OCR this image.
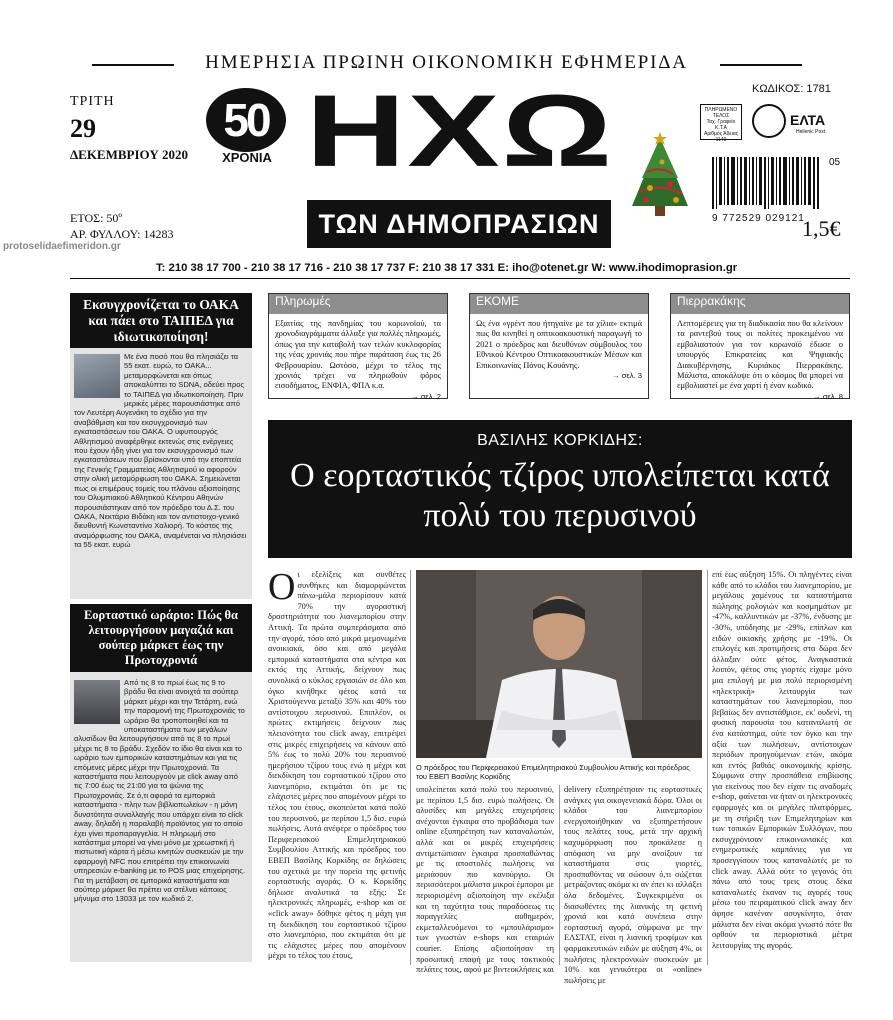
ΗΜΕΡΗΣΙΑ ΠΡΩΙΝΗ ΟΙΚΟΝΟΜΙΚΗ ΕΦΗΜΕΡΙΔΑ
ΤΡΙΤΗ
29
ΔΕΚΕΜΒΡΙΟΥ 2020
ΕΤΟΣ: 50º
ΑΡ. ΦΥΛΛΟΥ: 14283
protoselidaefimeridon.gr
50
ΧΡΟΝΙΑ ΗΧΩ
ΤΩΝ ΔΗΜΟΠΡΑΣΙΩΝ
ΚΩΔΙΚΟΣ: 1781
ΠΛΗΡΩΜΕΝΟ
ΤΕΛΟΣ
Ταχ. Γραφείο
Κ.Τ.Α
Αριθμός Άδειας
1140
ΕΛΤΑ
Hellenic Post
05
9 772529 029121
1,5€
T: 210 38 17 700 - 210 38 17 716 - 210 38 17 737 F: 210 38 17 331 E: iho@otenet.gr W: www.ihodimoprasion.gr
Εκσυγχρονίζεται το ΟΑΚΑ και πάει στο ΤΑΙΠΕΔ για ιδιωτικοποίηση!

Με ένα ποσό που θα πλησιάζει τα 55 εκατ. ευρώ, το ΟΑΚΑ... μεταμορφώνεται και όπως αποκαλύπτει το SDNA, οδεύει προς το ΤΑΙΠΕΔ για ιδιωτικοποίηση. Πριν μερικές μέρες παρουσιάστηκε από τον Λευτέρη Αυγενάκη το σχέδιο για την αναβάθμιση και τον εκσυγχρονισμό των εγκαταστάσεων του ΟΑΚΑ. Ο υφυπουργός Αθλητισμού αναφέρθηκε εκτενώς στις ενέργειες που έχουν ήδη γίνει για τον εκσυγχρονισμό των εγκαταστάσεων που βρίσκονται υπό την εποπτεία της Γενικής Γραμματείας Αθλητισμού κι αφορούν στην ολική μεταμόρφωση του ΟΑΚΑ. Σημειώνεται πως οι επιμέρους τομείς του πλάνου αξιοποίησης του Ολυμπιακού Αθλητικού Κέντρου Αθηνών παρουσιάστηκαν από τον πρόεδρο του Δ.Σ. του ΟΑΚΑ, Νεκτάριο Βιδάκη και τον αντιστοιχο-γενικό διευθυντή Κωνσταντίνο Χαλιορή. Το κόστος της αναμόρφωσης του ΟΑΚΑ, αναμένεται να πλησιάσει τα 55 εκατ. ευρώ

Εορταστικό ωράριο: Πώς θα λειτουργήσουν μαγαζιά και σούπερ μάρκετ έως την Πρωτοχρονιά

Από τις 8 το πρωί έως τις 9 το βράδυ θα είναι ανοιχτά τα σούπερ μάρκετ μέχρι και την Τετάρτη, ενώ την παραμονή της Πρωτοχρονιάς το ωράριο θα τροποποιηθεί και τα υποκαταστήματα των μεγάλων αλυσίδων θα λειτουργήσουν από τις 8 το πρωί μέχρι τις 8 το βράδυ. Σχεδόν το ίδιο θα είναι και το ωράριο των εμπορικών καταστημάτων και για τις επόμενες μέρες μέχρι την Πρωτοχρονιά. Τα καταστήματα που λειτουργούν με click away από τις 7:00 έως τις 21:00 για τα ψώνια της Πρωτοχρονιάς. Σε ό,τι αφορά τα εμπορικά καταστήματα - πλην των βιβλιοπωλείων - η μόνη δυνατότητα συναλλαγής που υπάρχει είναι το click away, δηλαδή η παραλαβή προϊόντος για το οποίο έχει γίνει προπαραγγελία. Η πληρωμή στο κατάστημα μπορεί να γίνει μόνο με χρεωστική ή πιστωτική κάρτα ή μέσω κινητών συσκευών με την εφαρμογή NFC που επιτρέπει την επικοινωνία υπηρεσιών e-banking με το POS μιας επιχείρησης. Για τη μετάβαση σε εμπορικά καταστήματα και σούπερ μάρκετ θα πρέπει να στέλνει κάποιος μήνυμα στο 13033 με τον κωδικό 2.

Πληρωμές
Εξαιτίας της πανδημίας του κορωνοϊού, τα χρονοδιαγράμματα άλλαξε για πολλές πληρωμές, όπως για την καταβολή των τελών κυκλοφορίας της νέας χρονιάς που πήρε παράταση έως τις 26 Φεβρουαρίου. Ωστόσο, μέχρι το τέλος της χρονιάς τρέχει να πληρωθούν φόρος εισοδήματος, ΕΝΦΙΑ, ΦΠΑ κ.α.
→ σελ. 2
ΕΚΟΜΕ
Ως ένα «γρέντ που ήτηγαίνε με τα χίλια» εκτιμά πως θα κινηθεί η οπτικοακουστική παραγωγή το 2021 ο πρόεδρος και διευθύνων σύμβουλος του Εθνικού Κέντρου Οπτικοακουστικών Μέσων και Επικοινωνίας Πάνος Κουάνης.
→ σελ. 3
Πιερρακάκης
Λεπτομέρειες για τη διαδικασία που θα κλείνουν τα ραντεβού τους οι πολίτες προκειμένου να εμβολιαστούν για τον κορωνοϊό έδωσε ο υπουργός Επικρατείας και Ψηφιακής Διακυβέρνησης, Κυριάκος Πιερρακάκης. Μάλιστα, αποκάλυψε ότι ο κόσμος θα μπορεί να εμβολιαστεί με ένα χαρτί ή έναν κωδικό.
→ σελ. 8
ΒΑΣΙΛΗΣ ΚΟΡΚΙΔΗΣ:
Ο εορταστικός τζίρος υπολείπεται κατά πολύ του περυσινού
Ο ι εξελίξεις και συνθέτες συνθήκες και διαμορφώνεται πάνω-μάλα περιορίσουν κατά 70% την αγοραστική δραστηριότητα του λιανεμπορίου στην Αττική. Τα πρώτα συμπεράσματα από την αγορά, τόσο από μικρά μεμονωμένα ανοικιακά, όσο και από μεγάλα εμπορικά καταστήματα στα κέντρα και εκτός της Αττικής, δείχνουν πως συνολικά ο κύκλος εργασιών σε όλο και όγκο κινήθηκε φέτος κατά τα Χριστούγεννα μεταξύ 35% και 40% του αντίστοιχου περυσινού. Επιπλέον, οι πρώτες εκτιμήσεις δείχνουν πως πλειονότητα του click away, επιτρέψει στις μικρές επιχειρήσεις να κάνουν από 5% έως το πολύ 20% του περυσινού ημερήσιου τζίρου τους ενώ η μέχρι και διεκδίκηση του εορταστικού τζίρου στο λιανεμπόριο, εκτιμάται ότι με τις ελάχιστες μέρες που απομένουν μέχρι το τέλος του έτους, σκοπεύεται κατά πολύ του περυσινού, με περίπου 1,5 δισ. ευρώ πωλήσεις. Αυτά ανέφερε ο πρόεδρος του Περιφερειακού Επιμελητηριακού Συμβουλίου Αττικής και πρόεδρος του ΕΒΕΠ Βασίλης Κορκίδης σε δηλώσεις του σχετικά με την πορεία της φετινής εορταστικής αγοράς. Ο κ. Κορκίδης δήλωσε αναλυτικά τα εξής: Σε ηλεκτρονικές πληρωμές, e-shop και σε «click away» δόθηκε φέτος η μάχη για τη διεκδίκηση του εορταστικού τζίρου στο λιανεμπόριο, που εκτιμάται ότι με τις ελάχιστες μέρες που απομένουν μέχρι το τέλος του έτους,
Ο πρόεδρος του Περιφερειακού Επιμελητηριακού Συμβουλίου Αττικής και πρόεδρος του ΕΒΕΠ Βασίλης Κορκίδης
υπολείπεται κατά πολύ του περυσινού, με περίπου 1,5 δισ. ευρώ πωλήσεις. Οι αλυσίδες και μεγάλες επιχειρήσεις ανέχονται έγκαιρα στο προβάδισμα των online εξυπηρέτηση των καταναλωτών, αλλά και οι μικρές επιχειρήσεις αντιμετώπισαν έγκαιρα προσπαθώντας με τις αποστολές πωλήσεις να μεριάσουν πιο κανούργιο. Οι περισσότεροι μάλιστα μικροί έμποροι με περιορισμένη αξιοποίηση την εκέλιξα και τη ταχύτητα τους παραδόσεως τις παραγγελίες αυθημερόν, εκμεταλλευόμενοι το «μπουλάρισμα» των γνωστών e-shops και εταιριών courier. Επίσης αξιοποίησαν τη προσωπική επαφή με τους τακτικούς πελάτες τους, αφού με βιντεοκλήσεις και
delivery εξυπηρέτησαν τις εορταστικές ανάγκες για οικογενειακά δώρα. Όλοι οι κλάδοι του λιανεμπορίου ενεργοποιήθηκαν να εξυπηρετήσουν τους πελάτες τους, μετά την αρχική καχυμόρφωση που προκάλεσε η απόφαση να μην ανοίξουν τα καταστήματα στις γιορτές, προσπαθόντας να σώσουν ό,τι σώζεται μετράζοντας ακόμα κι αν έπει κι αλλάξει όλα δεδομένες. Συγκεκριμένα οι διασωθέντες της λιανικής τη φετινή χρονιά και κατά συνέπεια στην εορταστική αγορά, σύμφωνα με την ΕΛΣΤΑΤ, είναι η λιανική τροφίμων και φαρμακευτικών ειδών με αύξηση 4%, οι πωλήσεις ηλεκτρονικών συσκευών με 10% και γενικότερα οι «online» πωλήσεις με
επί έως αύξηση 15%. Οι πληγέντες είναι κάθε από το κλάδοι του λιανεμπορίου, με μεγάλους χαμένους τα καταστήματα πώλησης ρολογιών και κοσμημάτων με -47%, καλλυντικών με -37%, ένδυσης με -30%, υπόδησης με -29%, επίπλων και ειδών οικιακής χρήσης με -19%. Οι επιλογές και προτιμήσεις στα δώρα δεν άλλαξαν ούτε φέτος. Αναγκαστικά λοιπόν, φέτος στις γιορτές είχαμε μόνο μια επιλογή με μια πολύ περιορισμένη «ηλεκτρική» λειτουργία των καταστημάτων του λιανεμπορίου, που βεβαίως δεν αντιστάθμισε, εκ' ουδενί, τη φυσική παρουσία του καταναλωτή σε ένα κατάστημα, ούτε τον όγκο και την αξία των πωλήσεων, αντίστοιχων περιόδων προηγούμενων ετών, ακόμα και εντός βαθιάς οικονομικής κρίσης. Σύμφωνα στην προσπάθεια επιβίωσης για εκείνους που δεν είχαν τις αναδομές e-shop, φαίνεται να ήταν οι ηλεκτρονικές εφαρμογές και οι μεγάλες πλατφόρμες, με τη στήριξη των Επιμελητηρίων και των τοπικών Εμπορικών Συλλόγων, που εκσυγχρόνισαν επικοινωνιακές και ενημερωτικές καμπάνιες για να προσεγγίσουν τους καταναλωτές με το click away. Αλλά ούτε το γεγονός ότι πάνω από τους τρεις στους δέκα καταναλωτές έκαναν τις αγορές τους μέσω του πειραματικού click away δεν άφησε κανέναν ασυγκίνητο, όταν μάλιστα δεν είναι ακόμα γνωστό πότε θα ορθούν τα περιοριστικά μέτρα λειτουργίας της αγοράς.
